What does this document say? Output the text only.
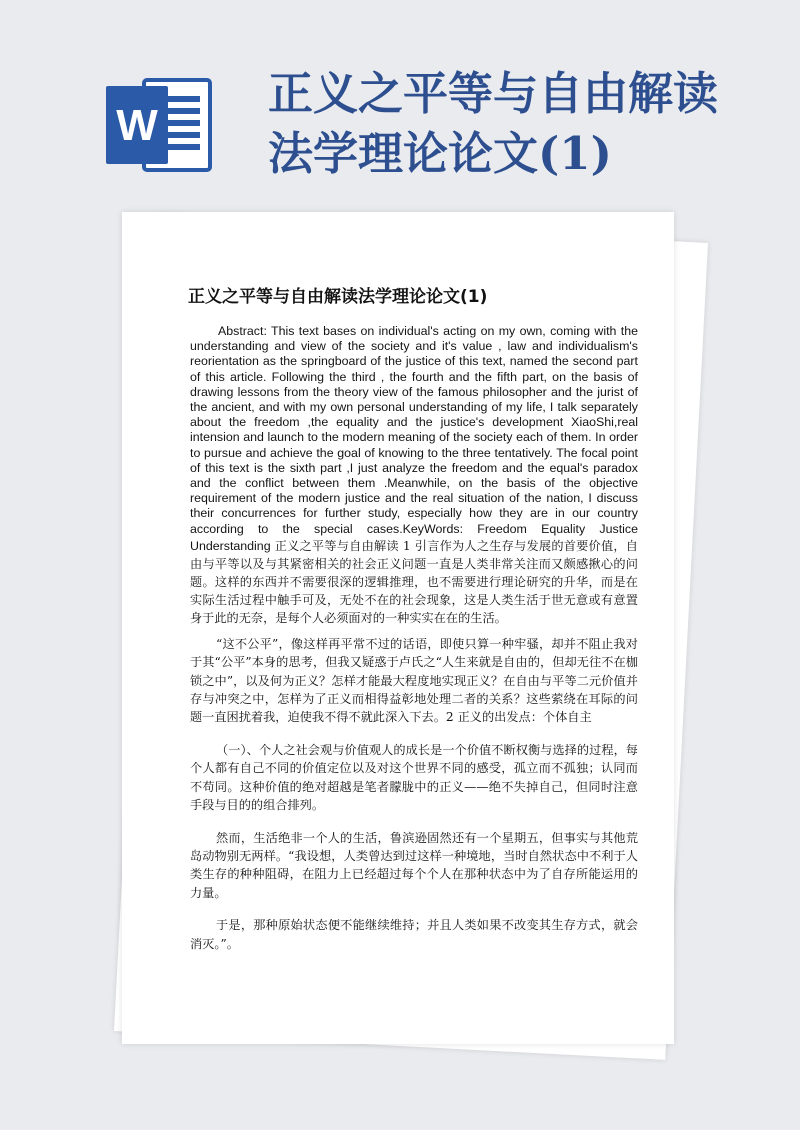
W
正义之平等与自由解读法学理论论文(1)
正义之平等与自由解读法学理论论文(1)

Abstract: This text bases on individual's acting on my own, coming with the understanding and view of the society and it's value , law and individualism's reorientation as the springboard of the justice of this text, named the second part of this article. Following the third , the fourth and the fifth part, on the basis of drawing lessons from the theory view of the famous philosopher and the jurist of the ancient, and with my own personal understanding of my life, I talk separately about the freedom ,the equality and the justice's development XiaoShi,real intension and launch to the modern meaning of the society each of them. In order to pursue and achieve the goal of knowing to the three tentatively. The focal point of this text is the sixth part ,I just analyze the freedom and the equal's paradox and the conflict between them .Meanwhile, on the basis of the objective requirement of the modern justice and the real situation of the nation, I discuss their concurrences for further study, especially how they are in our country according to the special cases.KeyWords: Freedom Equality Justice Understanding 正义之平等与自由解读 1 引言作为人之生存与发展的首要价值，自由与平等以及与其紧密相关的社会正义问题一直是人类非常关注而又颇感揪心的问题。这样的东西并不需要很深的逻辑推理，也不需要进行理论研究的升华，而是在实际生活过程中触手可及，无处不在的社会现象，这是人类生活于世无意或有意置身于此的无奈，是每个人必须面对的一种实实在在的生活。

“这不公平”，像这样再平常不过的话语，即使只算一种牢骚，却并不阻止我对于其“公平”本身的思考，但我又疑惑于卢氏之“人生来就是自由的，但却无往不在枷锁之中”，以及何为正义？怎样才能最大程度地实现正义？在自由与平等二元价值并存与冲突之中，怎样为了正义而相得益彰地处理二者的关系？这些萦绕在耳际的问题一直困扰着我，迫使我不得不就此深入下去。2 正义的出发点：个体自主

（一）、个人之社会观与价值观人的成长是一个价值不断权衡与选择的过程，每个人都有自己不同的价值定位以及对这个世界不同的感受，孤立而不孤独；认同而不苟同。这种价值的绝对超越是笔者朦胧中的正义——绝不失掉自己，但同时注意手段与目的的组合排列。

然而，生活绝非一个人的生活，鲁滨逊固然还有一个星期五，但事实与其他荒岛动物别无两样。“我设想，人类曾达到过这样一种境地，当时自然状态中不利于人类生存的种种阻碍，在阻力上已经超过每个个人在那种状态中为了自存所能运用的力量。

于是，那种原始状态便不能继续维持；并且人类如果不改变其生存方式，就会消灭。”。
